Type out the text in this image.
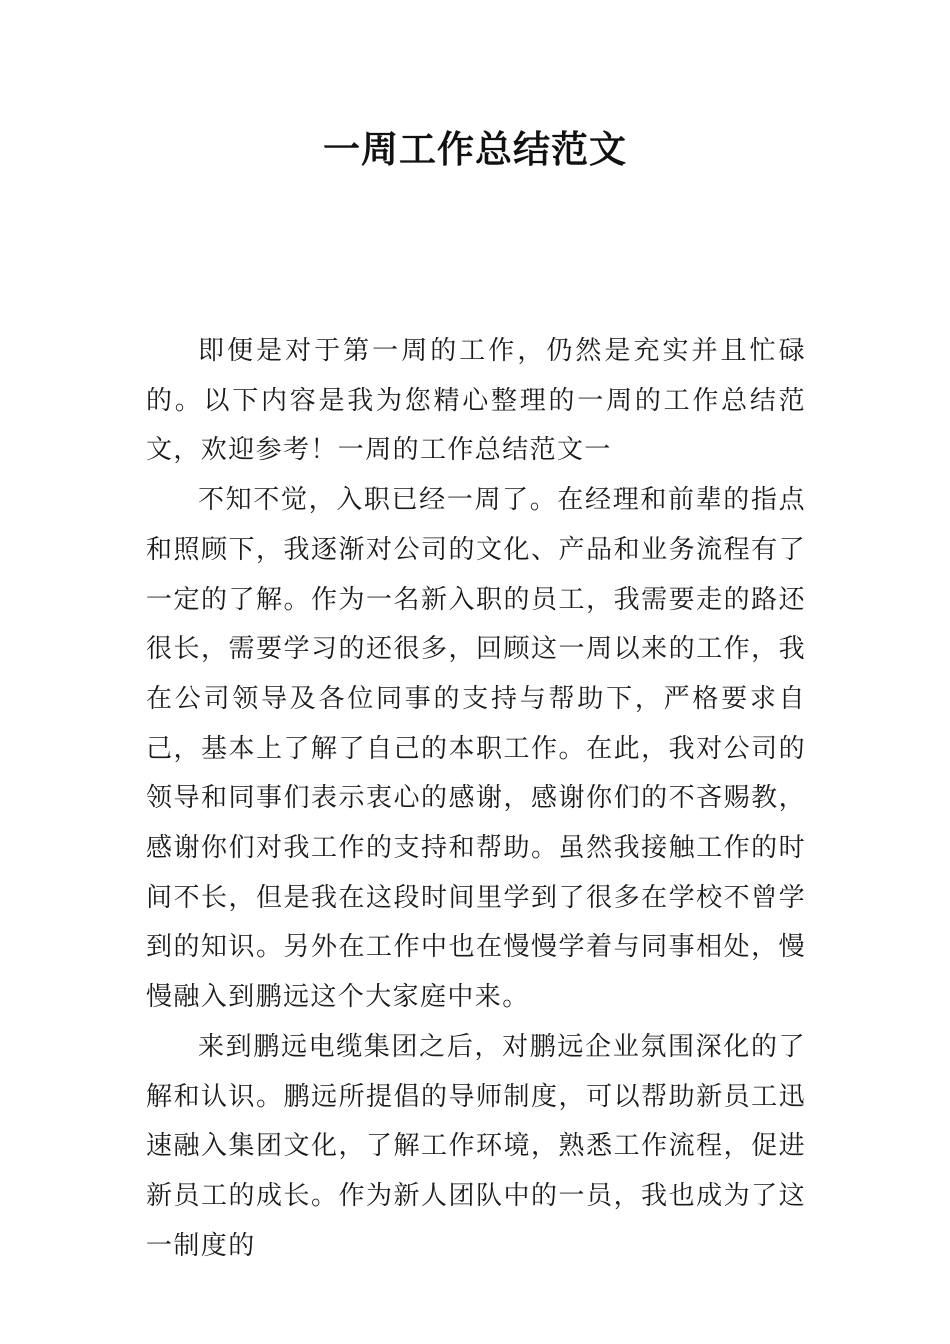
一周工作总结范文

即便是对于第一周的工作，仍然是充实并且忙碌的。以下内容是我为您精心整理的一周的工作总结范文，欢迎参考！一周的工作总结范文一

不知不觉，入职已经一周了。在经理和前辈的指点和照顾下，我逐渐对公司的文化、产品和业务流程有了一定的了解。作为一名新入职的员工，我需要走的路还很长，需要学习的还很多，回顾这一周以来的工作，我在公司领导及各位同事的支持与帮助下，严格要求自己，基本上了解了自己的本职工作。在此，我对公司的领导和同事们表示衷心的感谢，感谢你们的不吝赐教，感谢你们对我工作的支持和帮助。虽然我接触工作的时间不长，但是我在这段时间里学到了很多在学校不曾学到的知识。另外在工作中也在慢慢学着与同事相处，慢慢融入到鹏远这个大家庭中来。

来到鹏远电缆集团之后，对鹏远企业氛围深化的了解和认识。鹏远所提倡的导师制度，可以帮助新员工迅速融入集团文化，了解工作环境，熟悉工作流程，促进新员工的成长。作为新人团队中的一员，我也成为了这一制度的
